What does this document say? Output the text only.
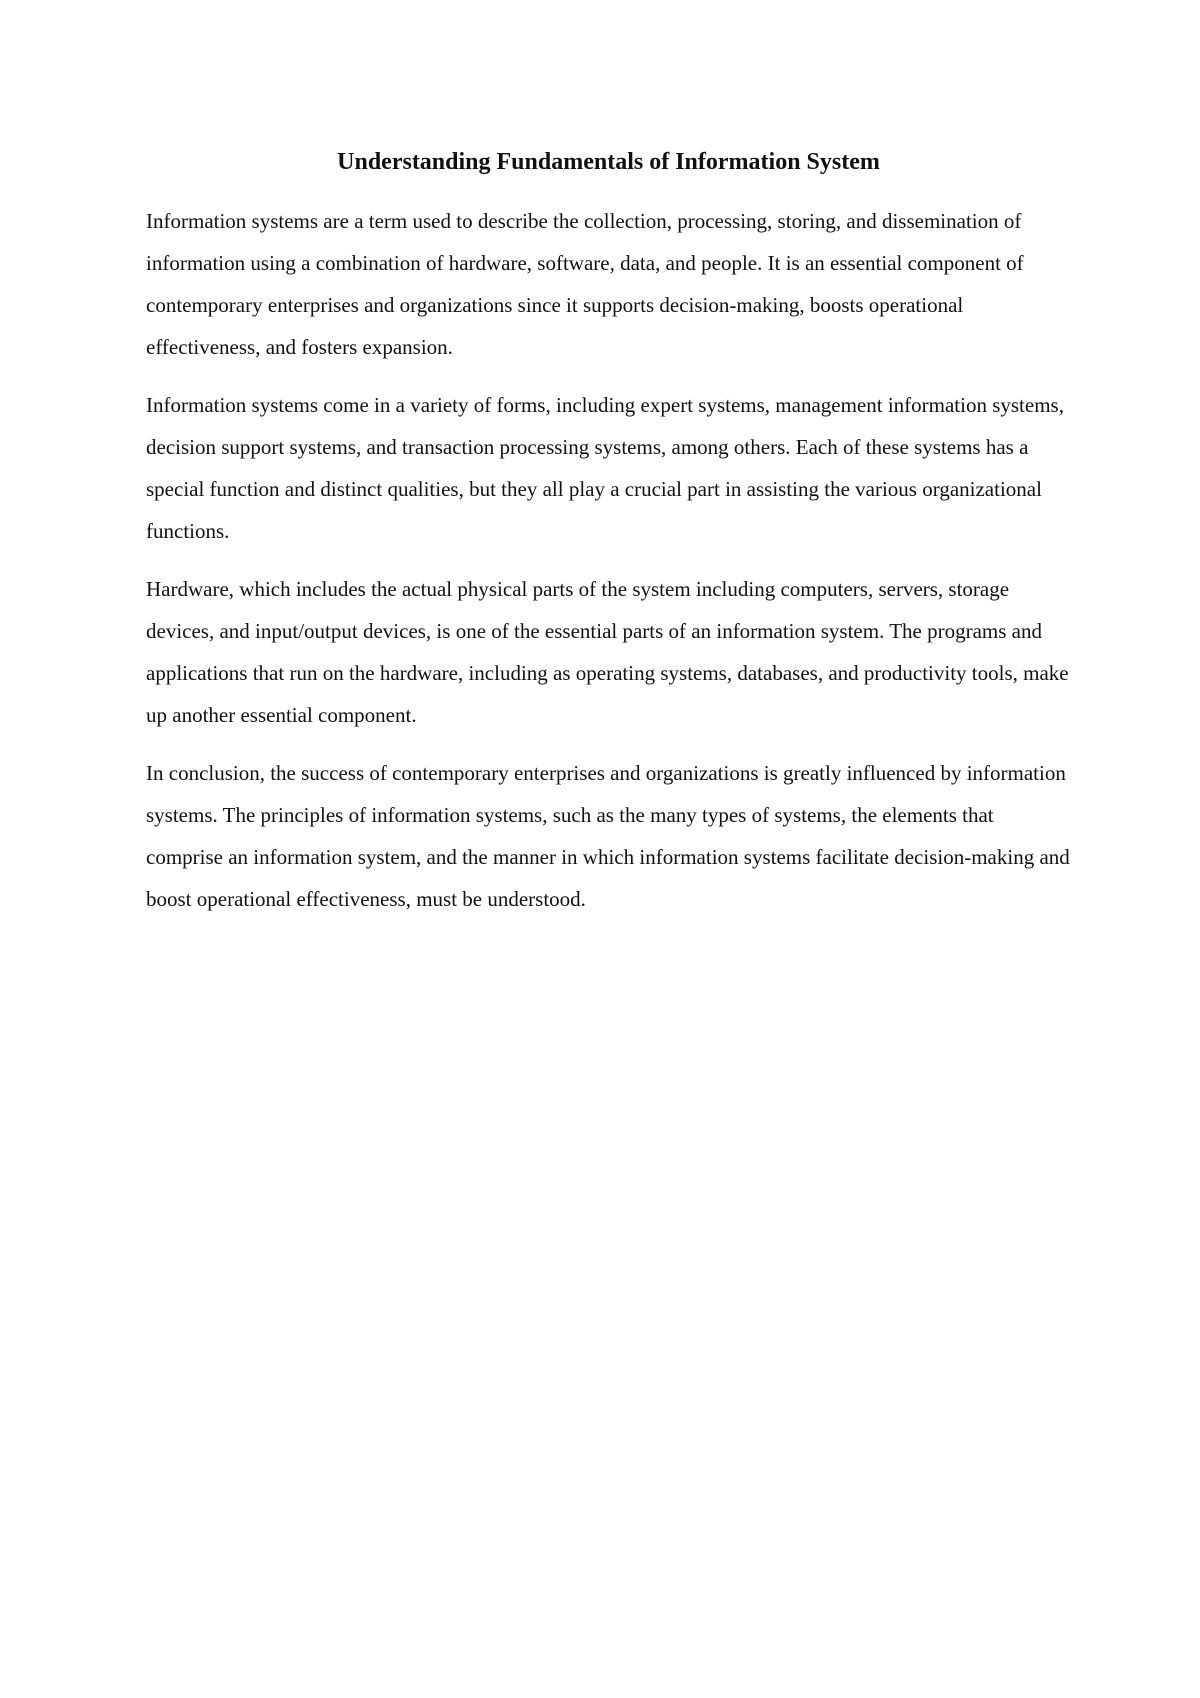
Understanding Fundamentals of Information System

Information systems are a term used to describe the collection, processing, storing, and dissemination of information using a combination of hardware, software, data, and people. It is an essential component of contemporary enterprises and organizations since it supports decision-making, boosts operational effectiveness, and fosters expansion.

Information systems come in a variety of forms, including expert systems, management information systems, decision support systems, and transaction processing systems, among others. Each of these systems has a special function and distinct qualities, but they all play a crucial part in assisting the various organizational functions.

Hardware, which includes the actual physical parts of the system including computers, servers, storage devices, and input/output devices, is one of the essential parts of an information system. The programs and applications that run on the hardware, including as operating systems, databases, and productivity tools, make up another essential component.

In conclusion, the success of contemporary enterprises and organizations is greatly influenced by information systems. The principles of information systems, such as the many types of systems, the elements that comprise an information system, and the manner in which information systems facilitate decision-making and boost operational effectiveness, must be understood.
